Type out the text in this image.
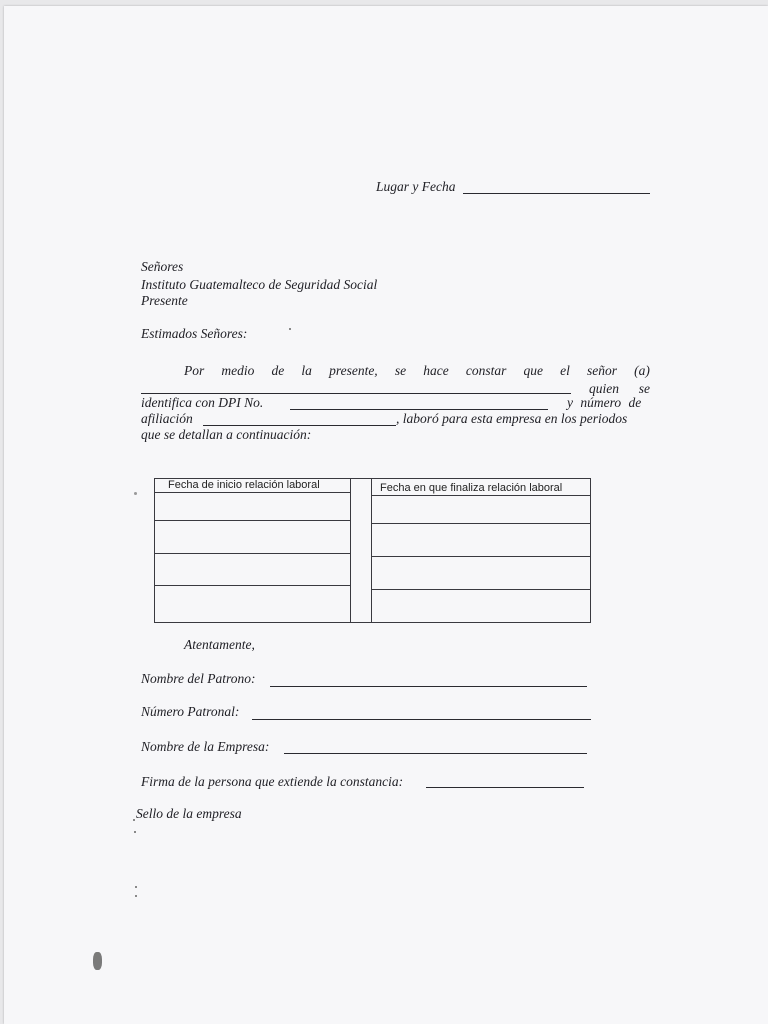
Lugar y Fecha
Señores
Instituto Guatemalteco de Seguridad Social
Presente
Estimados Señores:
Por medio de la presente, se hace constar que el señor (a)
quien se
identifica con DPI No.	y número de
afiliación	, laboró para esta empresa en los periodos
que se detallan a continuación:
Fecha de inicio relación laboral	Fecha en que finaliza relación laboral
Atentamente,
Nombre del Patrono:
Número Patronal:
Nombre de la Empresa:
Firma de la persona que extiende la constancia:
Sello de la empresa
